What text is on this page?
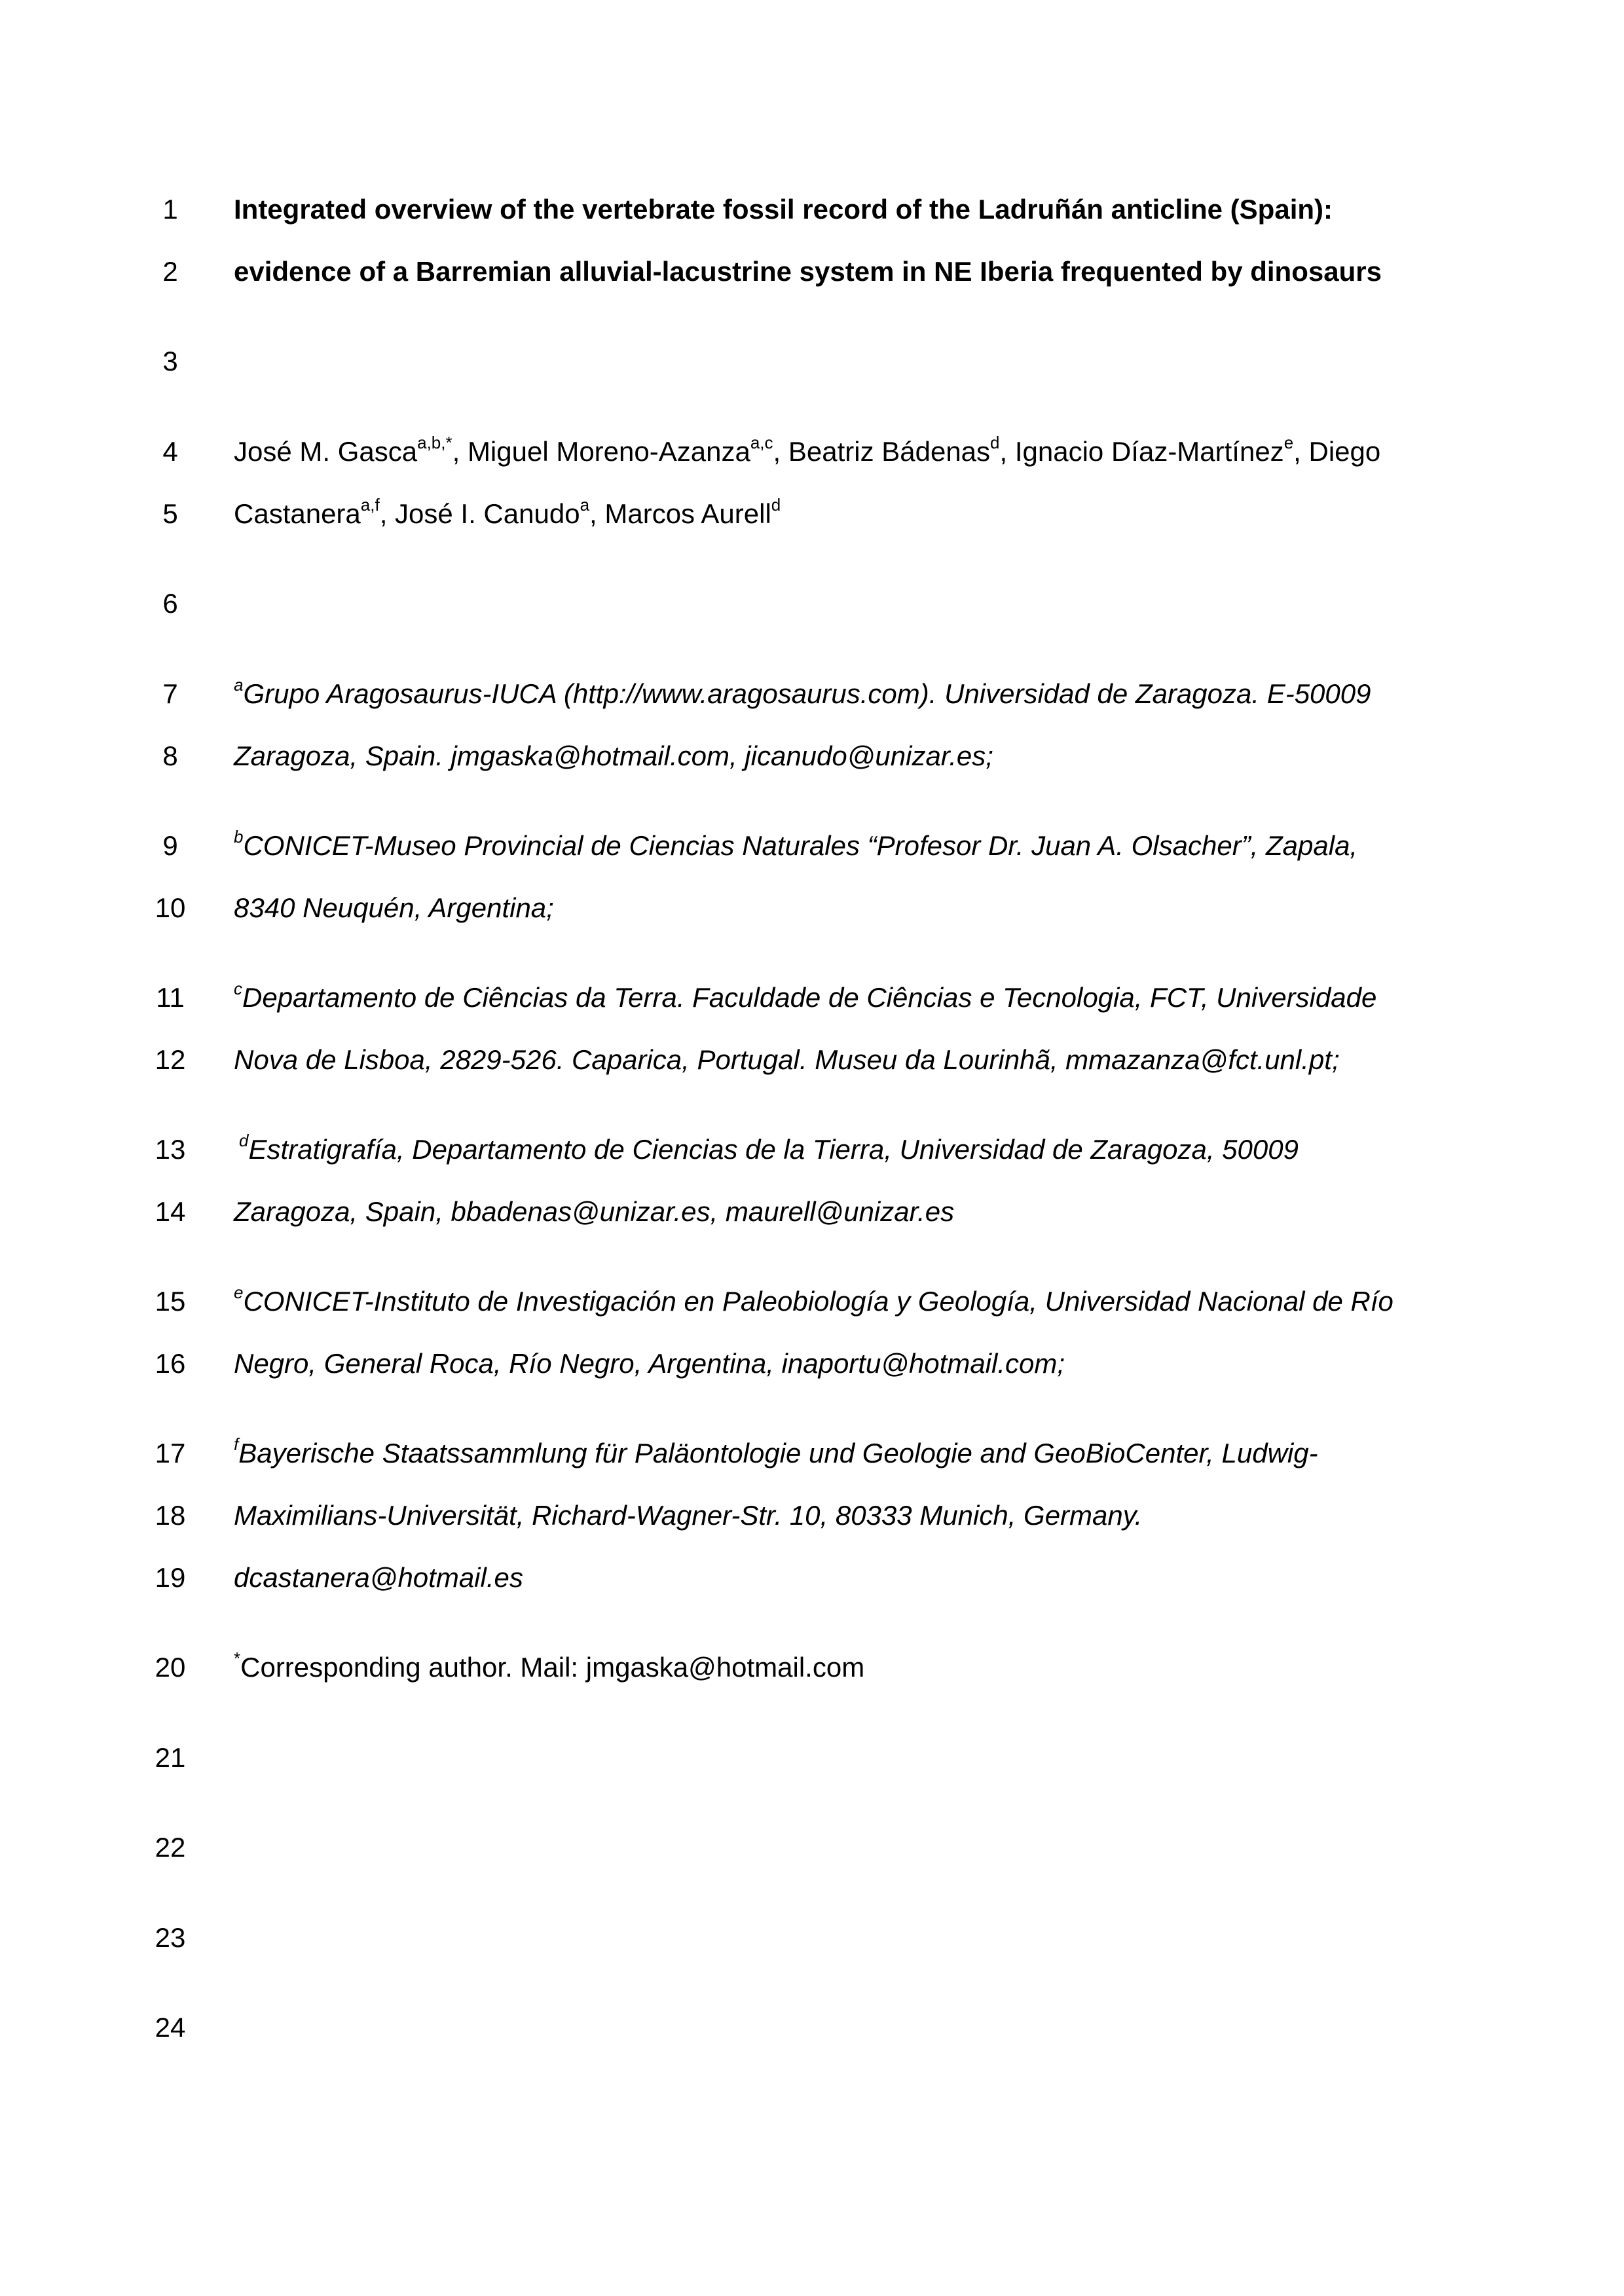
1
2
3
4
5
6
7
8
9
10
11
12
13
14
15
16
17
18
19
20
21
22
23
24
Integrated overview of the vertebrate fossil record of the Ladruñán anticline (Spain):
evidence of a Barremian alluvial-lacustrine system in NE Iberia frequented by dinosaurs
José M. Gasca$^{a,b,*}$, Miguel Moreno-Azanza$^{a,c}$, Beatriz Bádenas$^d$, Ignacio Díaz-Martínez$^e$, Diego
Castanera$^{a,f}$, José I. Canudo$^a$, Marcos Aurell$^d$
$^a$Grupo Aragosaurus-IUCA (http://www.aragosaurus.com). Universidad de Zaragoza. E-50009
Zaragoza, Spain. jmgaska@hotmail.com, jicanudo@unizar.es;
$^b$CONICET-Museo Provincial de Ciencias Naturales “Profesor Dr. Juan A. Olsacher”, Zapala,
8340 Neuquén, Argentina;
$^c$Departamento de Ciências da Terra. Faculdade de Ciências e Tecnologia, FCT, Universidade
Nova de Lisboa, 2829-526. Caparica, Portugal. Museu da Lourinhã, mmazanza@fct.unl.pt;
$^d$Estratigrafía, Departamento de Ciencias de la Tierra, Universidad de Zaragoza, 50009
Zaragoza, Spain, bbadenas@unizar.es, maurell@unizar.es
$^e$CONICET-Instituto de Investigación en Paleobiología y Geología, Universidad Nacional de Río
Negro, General Roca, Río Negro, Argentina, inaportu@hotmail.com;
$^f$Bayerische Staatssammlung für Paläontologie und Geologie and GeoBioCenter, Ludwig-
Maximilians-Universität, Richard-Wagner-Str. 10, 80333 Munich, Germany.
dcastanera@hotmail.es
*Corresponding author. Mail: jmgaska@hotmail.com
